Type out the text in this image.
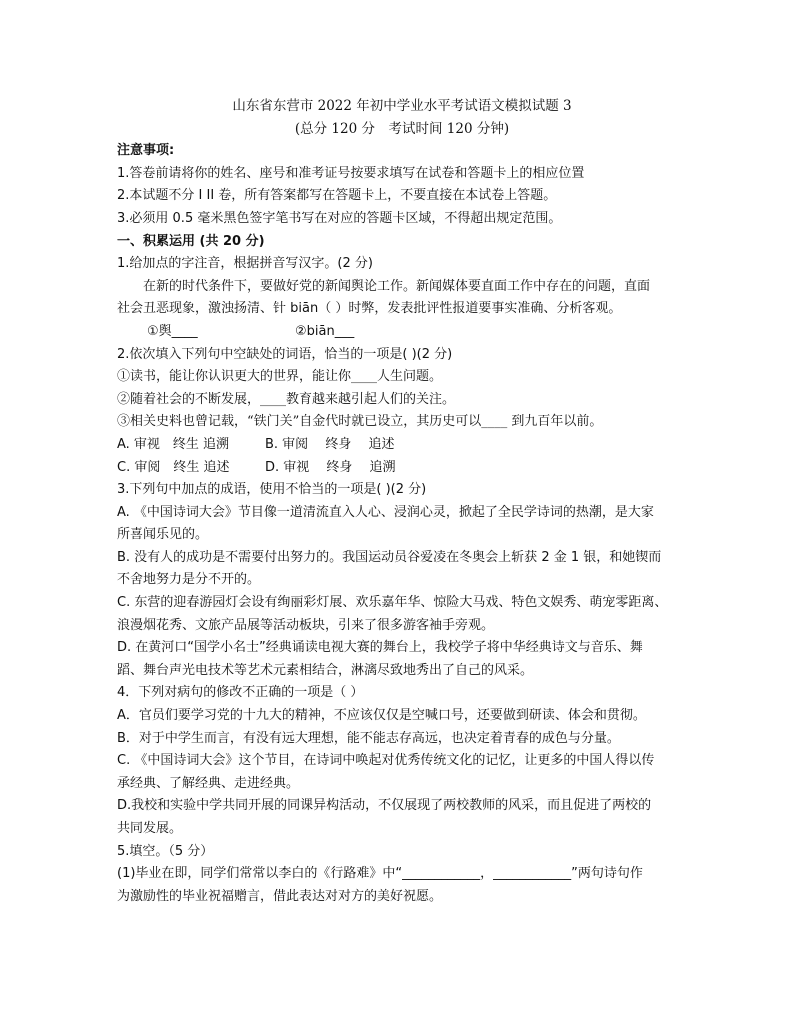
山东省东营市 2022 年初中学业水平考试语文模拟试题 3
(总分 120 分　考试时间 120 分钟)
注意事项:
1.答卷前请将你的姓名、座号和准考证号按要求填写在试卷和答题卡上的相应位置
2.本试题不分 I II 卷，所有答案都写在答题卡上，不要直接在本试卷上答题。
3.必须用 0.5 毫米黑色签字笔书写在对应的答题卡区域，不得超出规定范围。
一、积累运用 (共 20 分)
1.给加点的字注音，根据拼音写汉字。(2 分)
在新的时代条件下，要做好党的新闻舆论工作。新闻媒体要直面工作中存在的问题，直面
社会丑恶现象，激浊扬清、针 biān（ ）时弊，发表批评性报道要事实准确、分析客观。
①舆____	②biān___
2.依次填入下列句中空缺处的词语，恰当的一项是( )(2 分)
①读书，能让你认识更大的世界，能让你____人生问题。
②随着社会的不断发展，____教育越来越引起人们的关注。
③相关史料也曾记载，“铁门关”自金代时就已设立，其历史可以____ 到九百年以前。
A. 审视　终生 追溯	B. 审阅　 终身　 追述
C. 审阅　终生 追述	D. 审视　 终身　 追溯
3.下列句中加点的成语，使用不恰当的一项是( )(2 分)
A. 《中国诗词大会》节目像一道清流直入人心、浸润心灵，掀起了全民学诗词的热潮，是大家
所喜闻乐见的。
B. 没有人的成功是不需要付出努力的。我国运动员谷爱凌在冬奥会上斩获 2 金 1 银，和她锲而
不舍地努力是分不开的。
C. 东营的迎春游园灯会设有绚丽彩灯展、欢乐嘉年华、惊险大马戏、特色文娱秀、萌宠零距离、
浪漫烟花秀、文旅产品展等活动板块，引来了很多游客袖手旁观。
D. 在黄河口“国学小名士”经典诵读电视大赛的舞台上，我校学子将中华经典诗文与音乐、舞
蹈、舞台声光电技术等艺术元素相结合，淋漓尽致地秀出了自己的风采。
4．下列对病句的修改不正确的一项是（ ）
A．官员们要学习党的十九大的精神，不应该仅仅是空喊口号，还要做到研读、体会和贯彻。
B．对于中学生而言，有没有远大理想，能不能志存高远，也决定着青春的成色与分量。
C. 《中国诗词大会》这个节目，在诗词中唤起对优秀传统文化的记忆，让更多的中国人得以传
承经典、了解经典、走进经典。
D.我校和实验中学共同开展的同课异构活动，不仅展现了两校教师的风采，而且促进了两校的
共同发展。
5.填空。（5 分）
(1)毕业在即，同学们常常以李白的《行路难》中“____________，____________”两句诗句作
为激励性的毕业祝福赠言，借此表达对对方的美好祝愿。
